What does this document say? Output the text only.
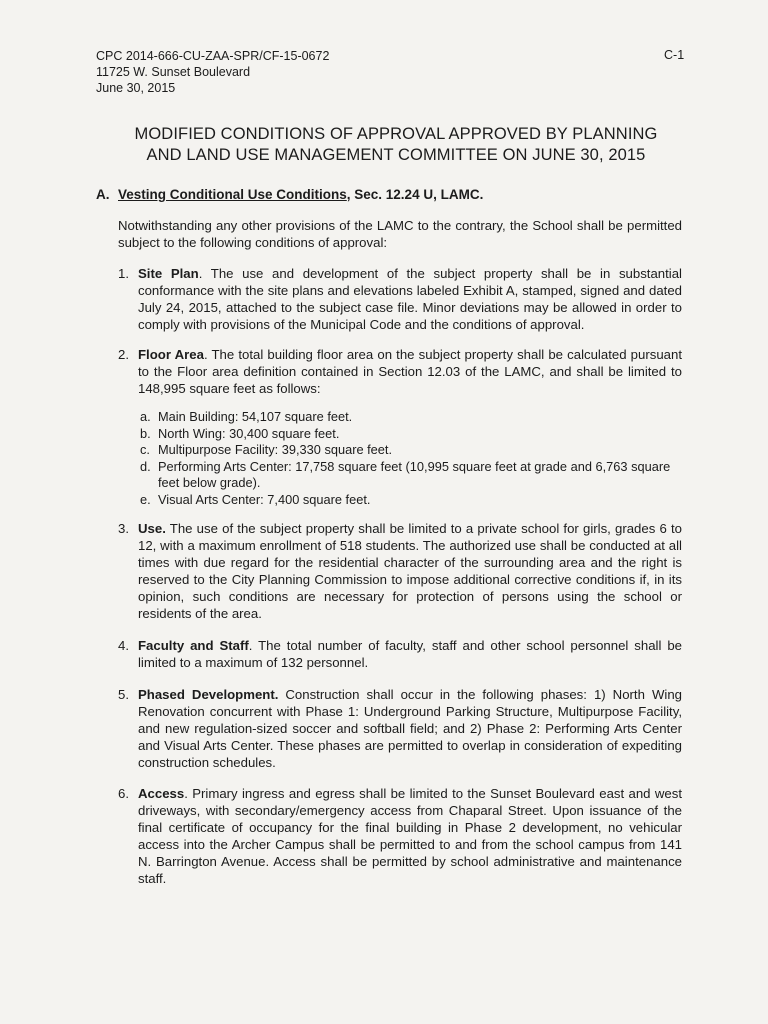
CPC 2014-666-CU-ZAA-SPR/CF-15-0672
11725 W. Sunset Boulevard
June 30, 2015
C-1
MODIFIED CONDITIONS OF APPROVAL APPROVED BY PLANNING
AND LAND USE MANAGEMENT COMMITTEE ON JUNE 30, 2015
A. Vesting Conditional Use Conditions, Sec. 12.24 U, LAMC.
Notwithstanding any other provisions of the LAMC to the contrary, the School shall be permitted subject to the following conditions of approval:
1. Site Plan. The use and development of the subject property shall be in substantial conformance with the site plans and elevations labeled Exhibit A, stamped, signed and dated July 24, 2015, attached to the subject case file. Minor deviations may be allowed in order to comply with provisions of the Municipal Code and the conditions of approval.
2. Floor Area. The total building floor area on the subject property shall be calculated pursuant to the Floor area definition contained in Section 12.03 of the LAMC, and shall be limited to 148,995 square feet as follows:
a. Main Building: 54,107 square feet.
b. North Wing: 30,400 square feet.
c. Multipurpose Facility: 39,330 square feet.
d. Performing Arts Center: 17,758 square feet (10,995 square feet at grade and 6,763 square feet below grade).
e. Visual Arts Center: 7,400 square feet.
3. Use. The use of the subject property shall be limited to a private school for girls, grades 6 to 12, with a maximum enrollment of 518 students. The authorized use shall be conducted at all times with due regard for the residential character of the surrounding area and the right is reserved to the City Planning Commission to impose additional corrective conditions if, in its opinion, such conditions are necessary for protection of persons using the school or residents of the area.
4. Faculty and Staff. The total number of faculty, staff and other school personnel shall be limited to a maximum of 132 personnel.
5. Phased Development. Construction shall occur in the following phases: 1) North Wing Renovation concurrent with Phase 1: Underground Parking Structure, Multipurpose Facility, and new regulation-sized soccer and softball field; and 2) Phase 2: Performing Arts Center and Visual Arts Center. These phases are permitted to overlap in consideration of expediting construction schedules.
6. Access. Primary ingress and egress shall be limited to the Sunset Boulevard east and west driveways, with secondary/emergency access from Chaparal Street. Upon issuance of the final certificate of occupancy for the final building in Phase 2 development, no vehicular access into the Archer Campus shall be permitted to and from the school campus from 141 N. Barrington Avenue. Access shall be permitted by school administrative and maintenance staff.
